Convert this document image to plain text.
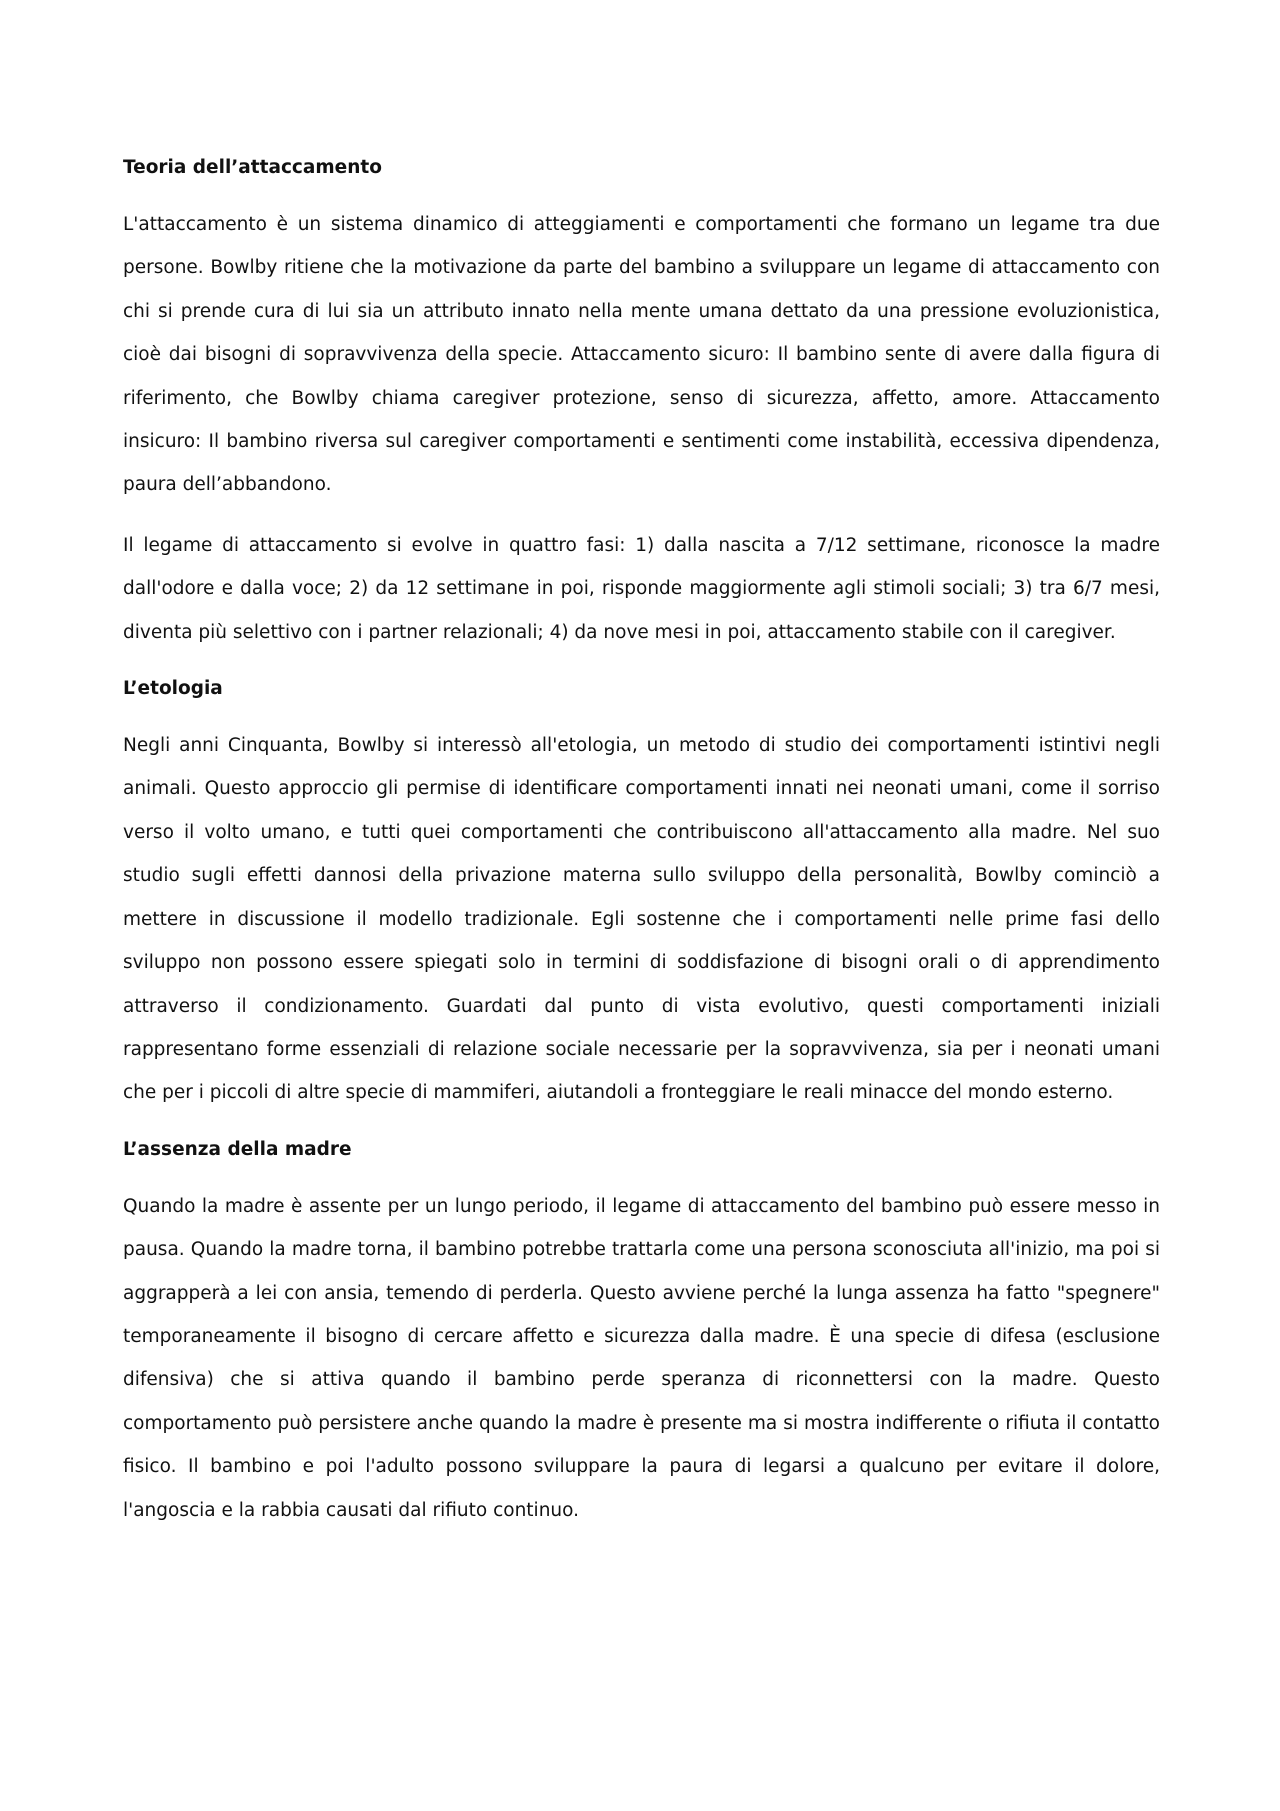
Teoria dell’attaccamento

L'attaccamento è un sistema dinamico di atteggiamenti e comportamenti che formano un legame tra due persone. Bowlby ritiene che la motivazione da parte del bambino a sviluppare un legame di attaccamento con chi si prende cura di lui sia un attributo innato nella mente umana dettato da una pressione evoluzionistica, cioè dai bisogni di sopravvivenza della specie. Attaccamento sicuro: Il bambino sente di avere dalla figura di riferimento, che Bowlby chiama caregiver protezione, senso di sicurezza, affetto, amore. Attaccamento insicuro: Il bambino riversa sul caregiver comportamenti e sentimenti come instabilità, eccessiva dipendenza, paura dell’abbandono.

Il legame di attaccamento si evolve in quattro fasi: 1) dalla nascita a 7/12 settimane, riconosce la madre dall'odore e dalla voce; 2) da 12 settimane in poi, risponde maggiormente agli stimoli sociali; 3) tra 6/7 mesi, diventa più selettivo con i partner relazionali; 4) da nove mesi in poi, attaccamento stabile con il caregiver.

L’etologia

Negli anni Cinquanta, Bowlby si interessò all'etologia, un metodo di studio dei comportamenti istintivi negli animali. Questo approccio gli permise di identificare comportamenti innati nei neonati umani, come il sorriso verso il volto umano, e tutti quei comportamenti che contribuiscono all'attaccamento alla madre. Nel suo studio sugli effetti dannosi della privazione materna sullo sviluppo della personalità, Bowlby cominciò a mettere in discussione il modello tradizionale. Egli sostenne che i comportamenti nelle prime fasi dello sviluppo non possono essere spiegati solo in termini di soddisfazione di bisogni orali o di apprendimento attraverso il condizionamento. Guardati dal punto di vista evolutivo, questi comportamenti iniziali rappresentano forme essenziali di relazione sociale necessarie per la sopravvivenza, sia per i neonati umani che per i piccoli di altre specie di mammiferi, aiutandoli a fronteggiare le reali minacce del mondo esterno.

L’assenza della madre

Quando la madre è assente per un lungo periodo, il legame di attaccamento del bambino può essere messo in pausa. Quando la madre torna, il bambino potrebbe trattarla come una persona sconosciuta all'inizio, ma poi si aggrapperà a lei con ansia, temendo di perderla. Questo avviene perché la lunga assenza ha fatto "spegnere" temporaneamente il bisogno di cercare affetto e sicurezza dalla madre. È una specie di difesa (esclusione difensiva) che si attiva quando il bambino perde speranza di riconnettersi con la madre. Questo comportamento può persistere anche quando la madre è presente ma si mostra indifferente o rifiuta il contatto fisico. Il bambino e poi l'adulto possono sviluppare la paura di legarsi a qualcuno per evitare il dolore, l'angoscia e la rabbia causati dal rifiuto continuo.
